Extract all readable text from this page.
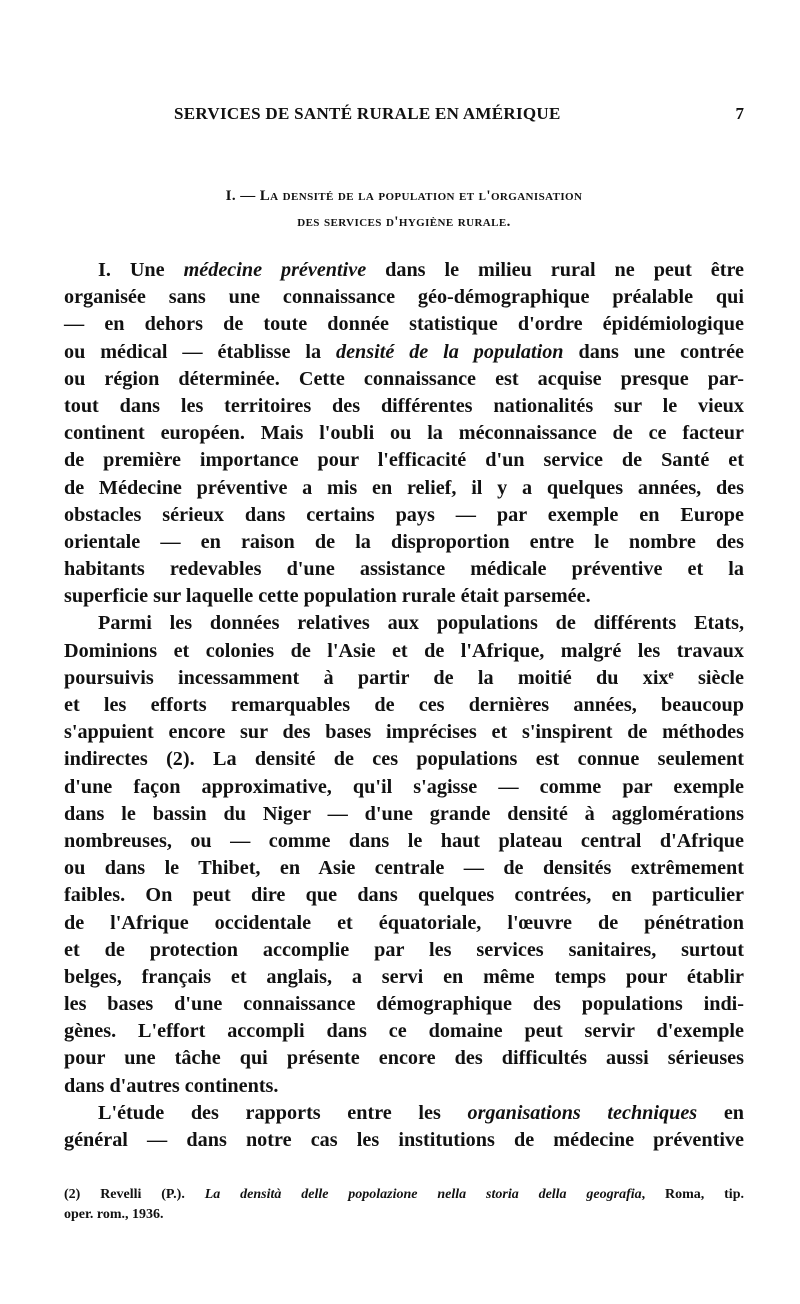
SERVICES DE SANTÉ RURALE EN AMÉRIQUE	7
I. — La densité de la population et l'organisation
des services d'hygiène rurale.
I. Une médecine préventive dans le milieu rural ne peut être
organisée sans une connaissance géo-démographique préalable qui
— en dehors de toute donnée statistique d'ordre épidémiologique
ou médical — établisse la densité de la population dans une contrée
ou région déterminée. Cette connaissance est acquise presque par-
tout dans les territoires des différentes nationalités sur le vieux
continent européen. Mais l'oubli ou la méconnaissance de ce facteur
de première importance pour l'efficacité d'un service de Santé et
de Médecine préventive a mis en relief, il y a quelques années, des
obstacles sérieux dans certains pays — par exemple en Europe
orientale — en raison de la disproportion entre le nombre des
habitants redevables d'une assistance médicale préventive et la
superficie sur laquelle cette population rurale était parsemée.
Parmi les données relatives aux populations de différents Etats,
Dominions et colonies de l'Asie et de l'Afrique, malgré les travaux
poursuivis incessamment à partir de la moitié du xixᵉ siècle
et les efforts remarquables de ces dernières années, beaucoup
s'appuient encore sur des bases imprécises et s'inspirent de méthodes
indirectes (2). La densité de ces populations est connue seulement
d'une façon approximative, qu'il s'agisse — comme par exemple
dans le bassin du Niger — d'une grande densité à agglomérations
nombreuses, ou — comme dans le haut plateau central d'Afrique
ou dans le Thibet, en Asie centrale — de densités extrêmement
faibles. On peut dire que dans quelques contrées, en particulier
de l'Afrique occidentale et équatoriale, l'œuvre de pénétration
et de protection accomplie par les services sanitaires, surtout
belges, français et anglais, a servi en même temps pour établir
les bases d'une connaissance démographique des populations indi-
gènes. L'effort accompli dans ce domaine peut servir d'exemple
pour une tâche qui présente encore des difficultés aussi sérieuses
dans d'autres continents.
L'étude des rapports entre les organisations techniques en
général — dans notre cas les institutions de médecine préventive
(2) Revelli (P.). La densità delle popolazione nella storia della geografia, Roma, tip.
oper. rom., 1936.
